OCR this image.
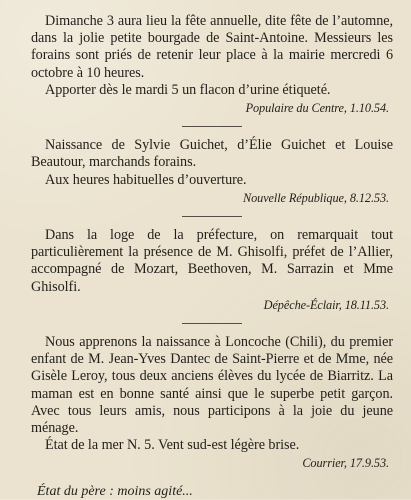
Dimanche 3 aura lieu la fête annuelle, dite fête de l’automne, dans la jolie petite bourgade de Saint-Antoine. Messieurs les forains sont priés de retenir leur place à la mairie mercredi 6 octobre à 10 heures.

Apporter dès le mardi 5 un flacon d’urine étiqueté.

Populaire du Centre, 1.10.54.

Naissance de Sylvie Guichet, d’Élie Guichet et Louise Beautour, marchands forains.

Aux heures habituelles d’ouverture.

Nouvelle République, 8.12.53.

Dans la loge de la préfecture, on remarquait tout particulièrement la présence de M. Ghisolfi, préfet de l’Allier, accompagné de Mozart, Beethoven, M. Sarrazin et Mme Ghisolfi.

Dépêche-Éclair, 18.11.53.

Nous apprenons la naissance à Loncoche (Chili), du premier enfant de M. Jean-Yves Dantec de Saint-Pierre et de Mme, née Gisèle Leroy, tous deux anciens élèves du lycée de Biarritz. La maman est en bonne santé ainsi que le superbe petit garçon. Avec tous leurs amis, nous participons à la joie du jeune ménage.

État de la mer N. 5. Vent sud-est légère brise.

Courrier, 17.9.53.
État du père : moins agité...
